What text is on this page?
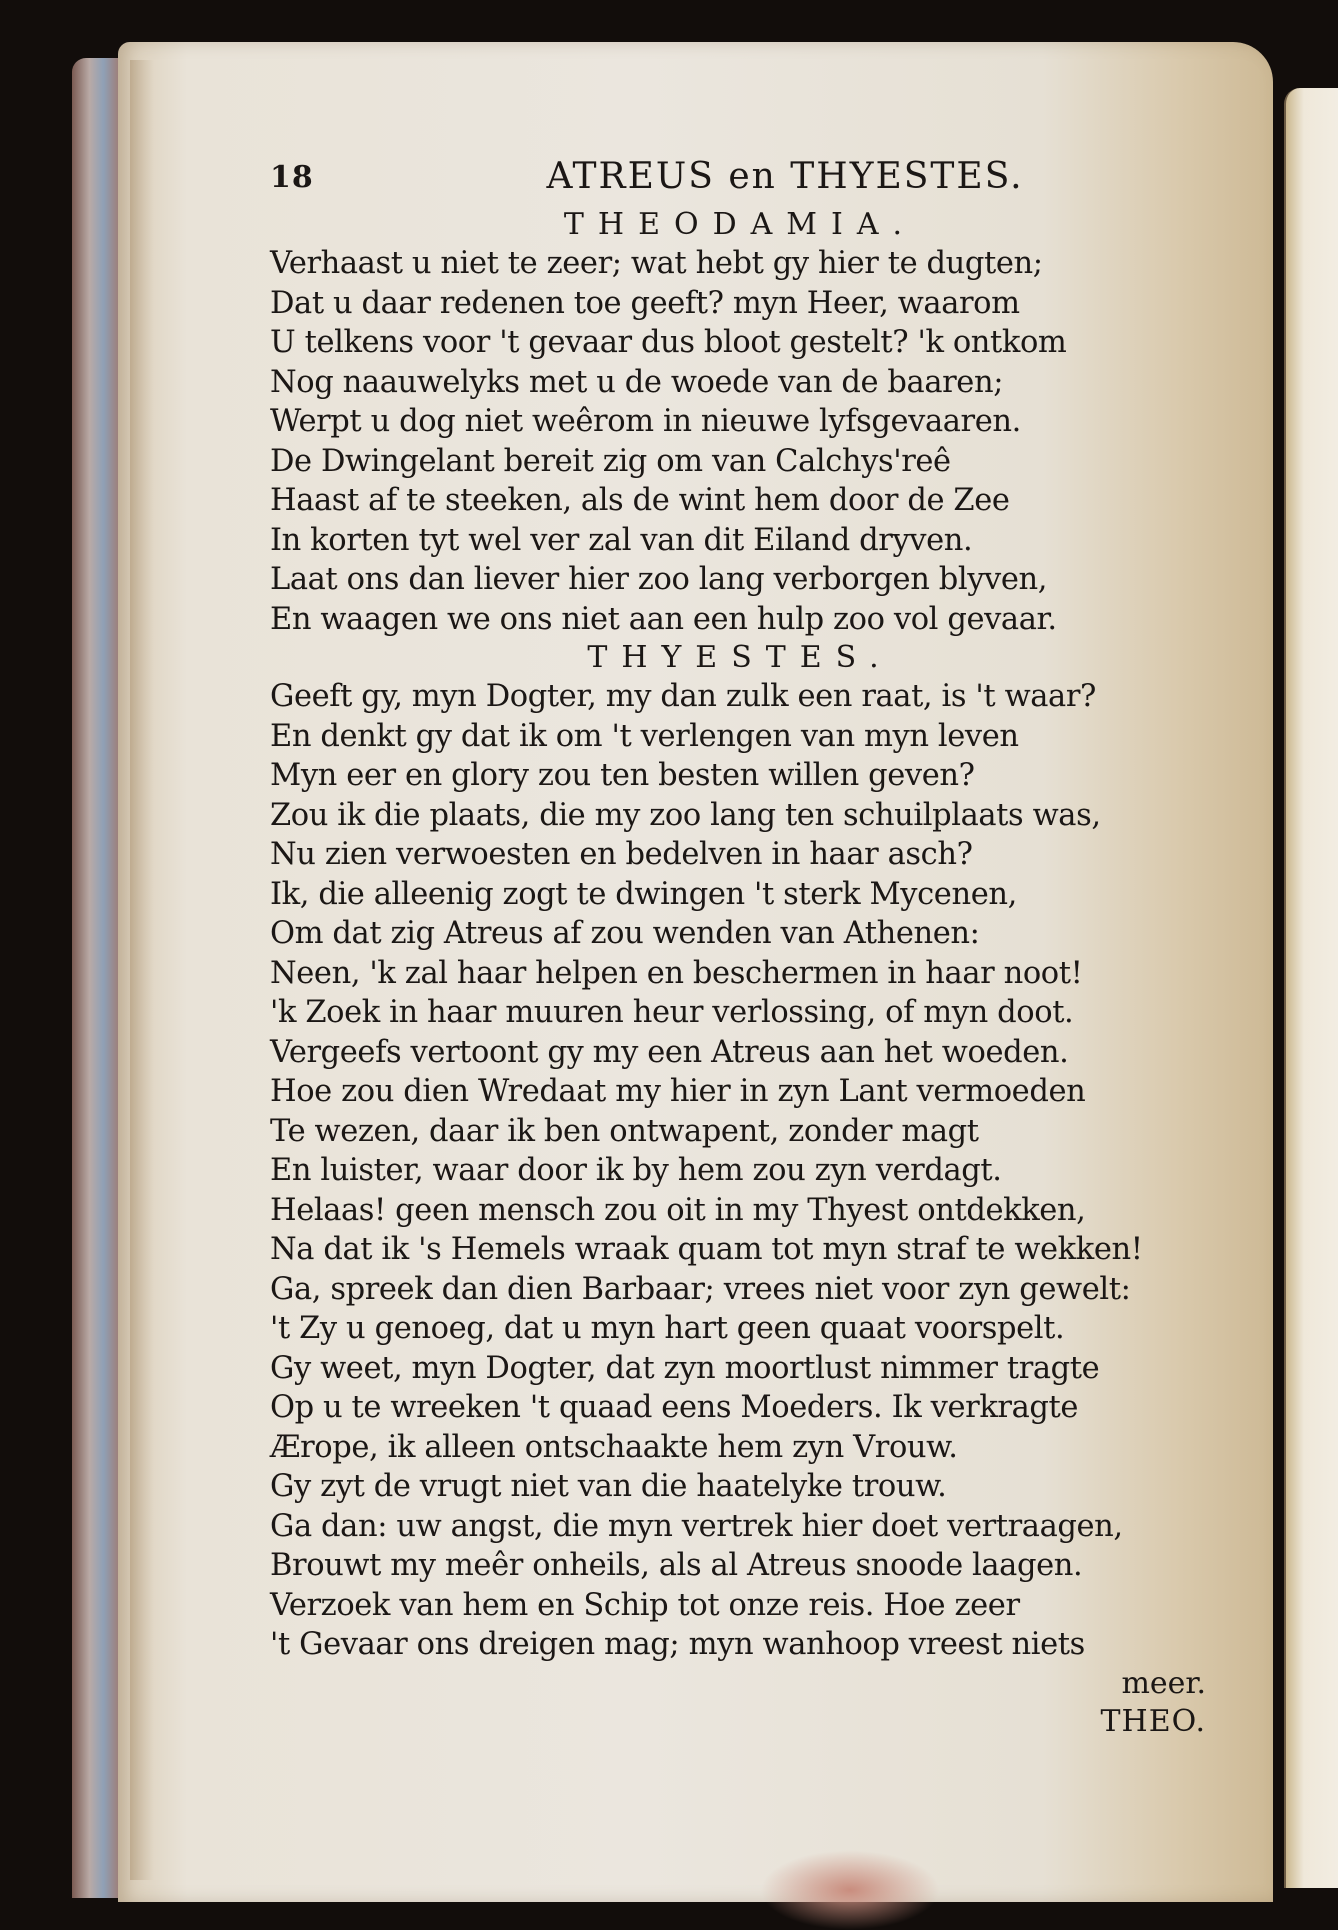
18	ATREUS en THYESTES.
THEODAMIA.
Verhaast u niet te zeer; wat hebt gy hier te dugten;
Dat u daar redenen toe geeft? myn Heer, waarom
U telkens voor 't gevaar dus bloot gestelt? 'k ontkom
Nog naauwelyks met u de woede van de baaren;
Werpt u dog niet weêrom in nieuwe lyfsgevaaren.
De Dwingelant bereit zig om van Calchys'reê
Haast af te steeken, als de wint hem door de Zee
In korten tyt wel ver zal van dit Eiland dryven.
Laat ons dan liever hier zoo lang verborgen blyven,
En waagen we ons niet aan een hulp zoo vol gevaar.
THYESTES.
Geeft gy, myn Dogter, my dan zulk een raat, is 't waar?
En denkt gy dat ik om 't verlengen van myn leven
Myn eer en glory zou ten besten willen geven?
Zou ik die plaats, die my zoo lang ten schuilplaats was,
Nu zien verwoesten en bedelven in haar asch?
Ik, die alleenig zogt te dwingen 't sterk Mycenen,
Om dat zig Atreus af zou wenden van Athenen:
Neen, 'k zal haar helpen en beschermen in haar noot!
'k Zoek in haar muuren heur verlossing, of myn doot.
Vergeefs vertoont gy my een Atreus aan het woeden.
Hoe zou dien Wredaat my hier in zyn Lant vermoeden
Te wezen, daar ik ben ontwapent, zonder magt
En luister, waar door ik by hem zou zyn verdagt.
Helaas! geen mensch zou oit in my Thyest ontdekken,
Na dat ik 's Hemels wraak quam tot myn straf te wekken!
Ga, spreek dan dien Barbaar; vrees niet voor zyn gewelt:
't Zy u genoeg, dat u myn hart geen quaat voorspelt.
Gy weet, myn Dogter, dat zyn moortlust nimmer tragte
Op u te wreeken 't quaad eens Moeders. Ik verkragte
Ærope, ik alleen ontschaakte hem zyn Vrouw.
Gy zyt de vrugt niet van die haatelyke trouw.
Ga dan: uw angst, die myn vertrek hier doet vertraagen,
Brouwt my meêr onheils, als al Atreus snoode laagen.
Verzoek van hem en Schip tot onze reis. Hoe zeer
't Gevaar ons dreigen mag; myn wanhoop vreest niets
meer.
THEO.
